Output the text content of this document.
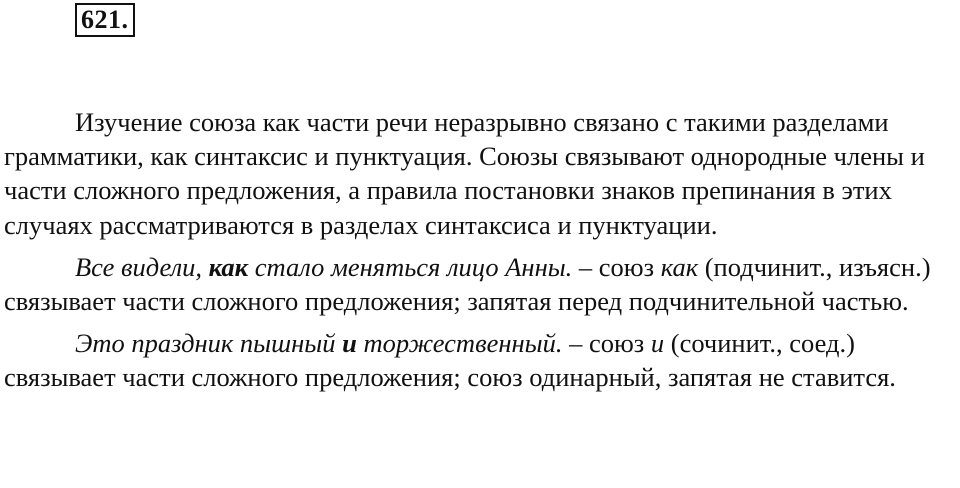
621.

Изучение союза как части речи неразрывно связано с такими разделами грамматики, как синтаксис и пунктуация. Союзы связывают однородные члены и части сложного предложения, а правила постановки знаков препинания в этих случаях рассматриваются в разделах синтаксиса и пунктуации.

Все видели, как стало меняться лицо Анны. – союз как (подчинит., изъясн.) связывает части сложного предложения; запятая перед подчинительной частью.

Это праздник пышный и торжественный. – союз и (сочинит., соед.) связывает части сложного предложения; союз одинарный, запятая не ставится.
